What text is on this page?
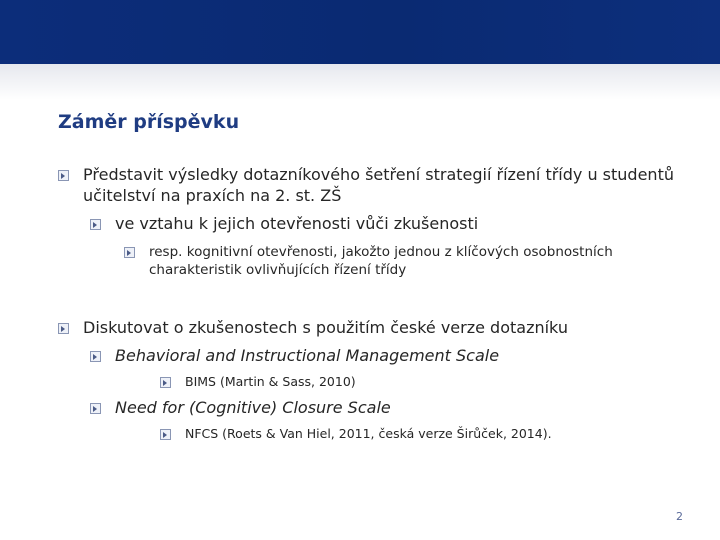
Záměr příspěvku
Představit výsledky dotazníkového šetření strategií řízení třídy u studentů učitelství na praxích na 2. st. ZŠ
ve vztahu k jejich otevřenosti vůči zkušenosti
resp. kognitivní otevřenosti, jakožto jednou z klíčových osobnostních charakteristik ovlivňujících řízení třídy
Diskutovat o zkušenostech s použitím české verze dotazníku
Behavioral and Instructional Management Scale
BIMS (Martin & Sass, 2010)
Need for (Cognitive) Closure Scale
NFCS (Roets & Van Hiel, 2011, česká verze Širůček, 2014).
2
